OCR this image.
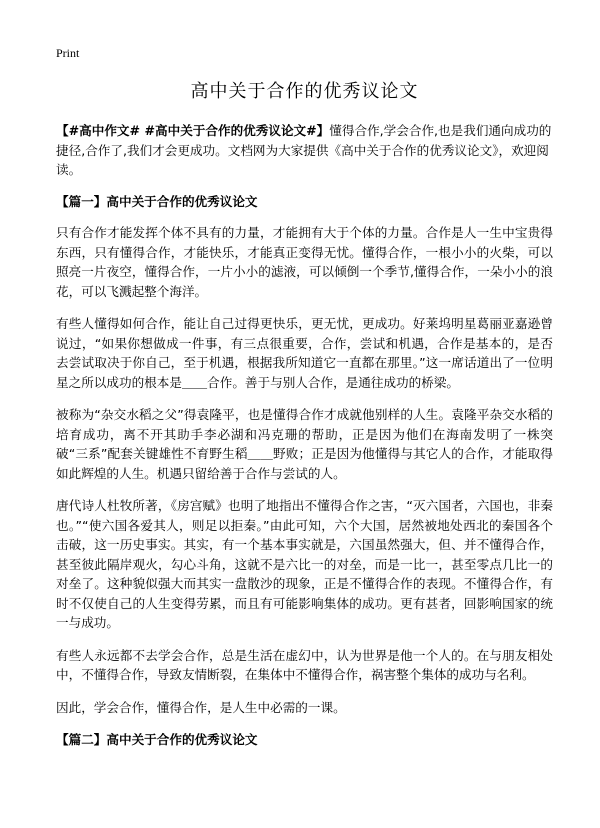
Print
高中关于合作的优秀议论文

【#高中作文# #高中关于合作的优秀议论文#】懂得合作,学会合作,也是我们通向成功的捷径,合作了,我们才会更成功。文档网为大家提供《高中关于合作的优秀议论文》，欢迎阅读。

【篇一】高中关于合作的优秀议论文

只有合作才能发挥个体不具有的力量，才能拥有大于个体的力量。合作是人一生中宝贵得东西，只有懂得合作，才能快乐，才能真正变得无忧。懂得合作，一根小小的火柴，可以照亮一片夜空，懂得合作，一片小小的滤液，可以倾倒一个季节,懂得合作，一朵小小的浪花，可以飞溅起整个海洋。

有些人懂得如何合作，能让自己过得更快乐，更无忧，更成功。好莱坞明星葛丽亚嘉逊曾说过，“如果你想做成一件事，有三点很重要，合作，尝试和机遇，合作是基本的，是否去尝试取决于你自己，至于机遇，根据我所知道它一直都在那里。”这一席话道出了一位明星之所以成功的根本是＿＿合作。善于与别人合作，是通往成功的桥梁。

被称为“杂交水稻之父”得袁隆平，也是懂得合作才成就他别样的人生。袁隆平杂交水稻的培育成功，离不开其助手李必湖和冯克珊的帮助，正是因为他们在海南发明了一株突破“三系”配套关键雄性不育野生稻＿＿野败；正是因为他懂得与其它人的合作，才能取得如此辉煌的人生。机遇只留给善于合作与尝试的人。

唐代诗人杜牧所著，《房宫赋》也明了地指出不懂得合作之害，“灭六国者，六国也，非秦也。”“使六国各爱其人，则足以拒秦。”由此可知，六个大国，居然被地处西北的秦国各个击破，这一历史事实。其实，有一个基本事实就是，六国虽然强大，但、并不懂得合作，甚至彼此隔岸观火，勾心斗角，这就不是六比一的对垒，而是一比一，甚至零点几比一的对垒了。这种貌似强大而其实一盘散沙的现象，正是不懂得合作的表现。不懂得合作，有时不仅使自己的人生变得劳累，而且有可能影响集体的成功。更有甚者，回影响国家的统一与成功。

有些人永远都不去学会合作，总是生活在虚幻中，认为世界是他一个人的。在与朋友相处中，不懂得合作，导致友情断裂，在集体中不懂得合作，祸害整个集体的成功与名利。

因此，学会合作，懂得合作，是人生中必需的一课。

【篇二】高中关于合作的优秀议论文
